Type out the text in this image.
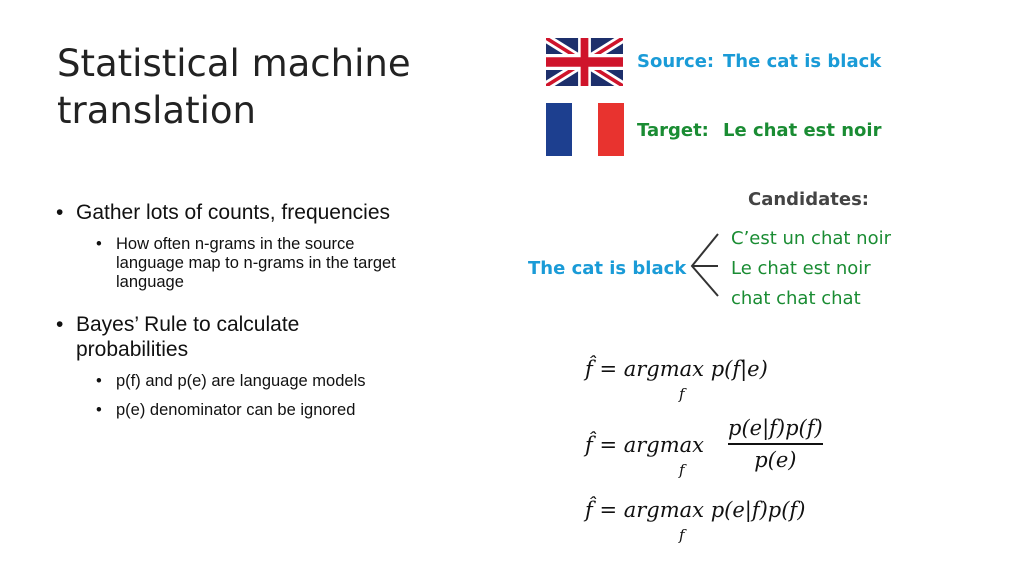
Statistical machine translation
• Gather lots of counts, frequencies
• How often n-grams in the source language map to n-grams in the target language
• Bayes’ Rule to calculate probabilities
• p(f) and p(e) are language models
• p(e) denominator can be ignored
Source: The cat is black
Target: Le chat est noir
Candidates:
The cat is black
C’est un chat noir
Le chat est noir
chat chat chat
f̂ = argmax p(f|e)
f
f̂ = argmax
f
p(e|f)p(f)
p(e)
f̂ = argmax p(e|f)p(f)
f
